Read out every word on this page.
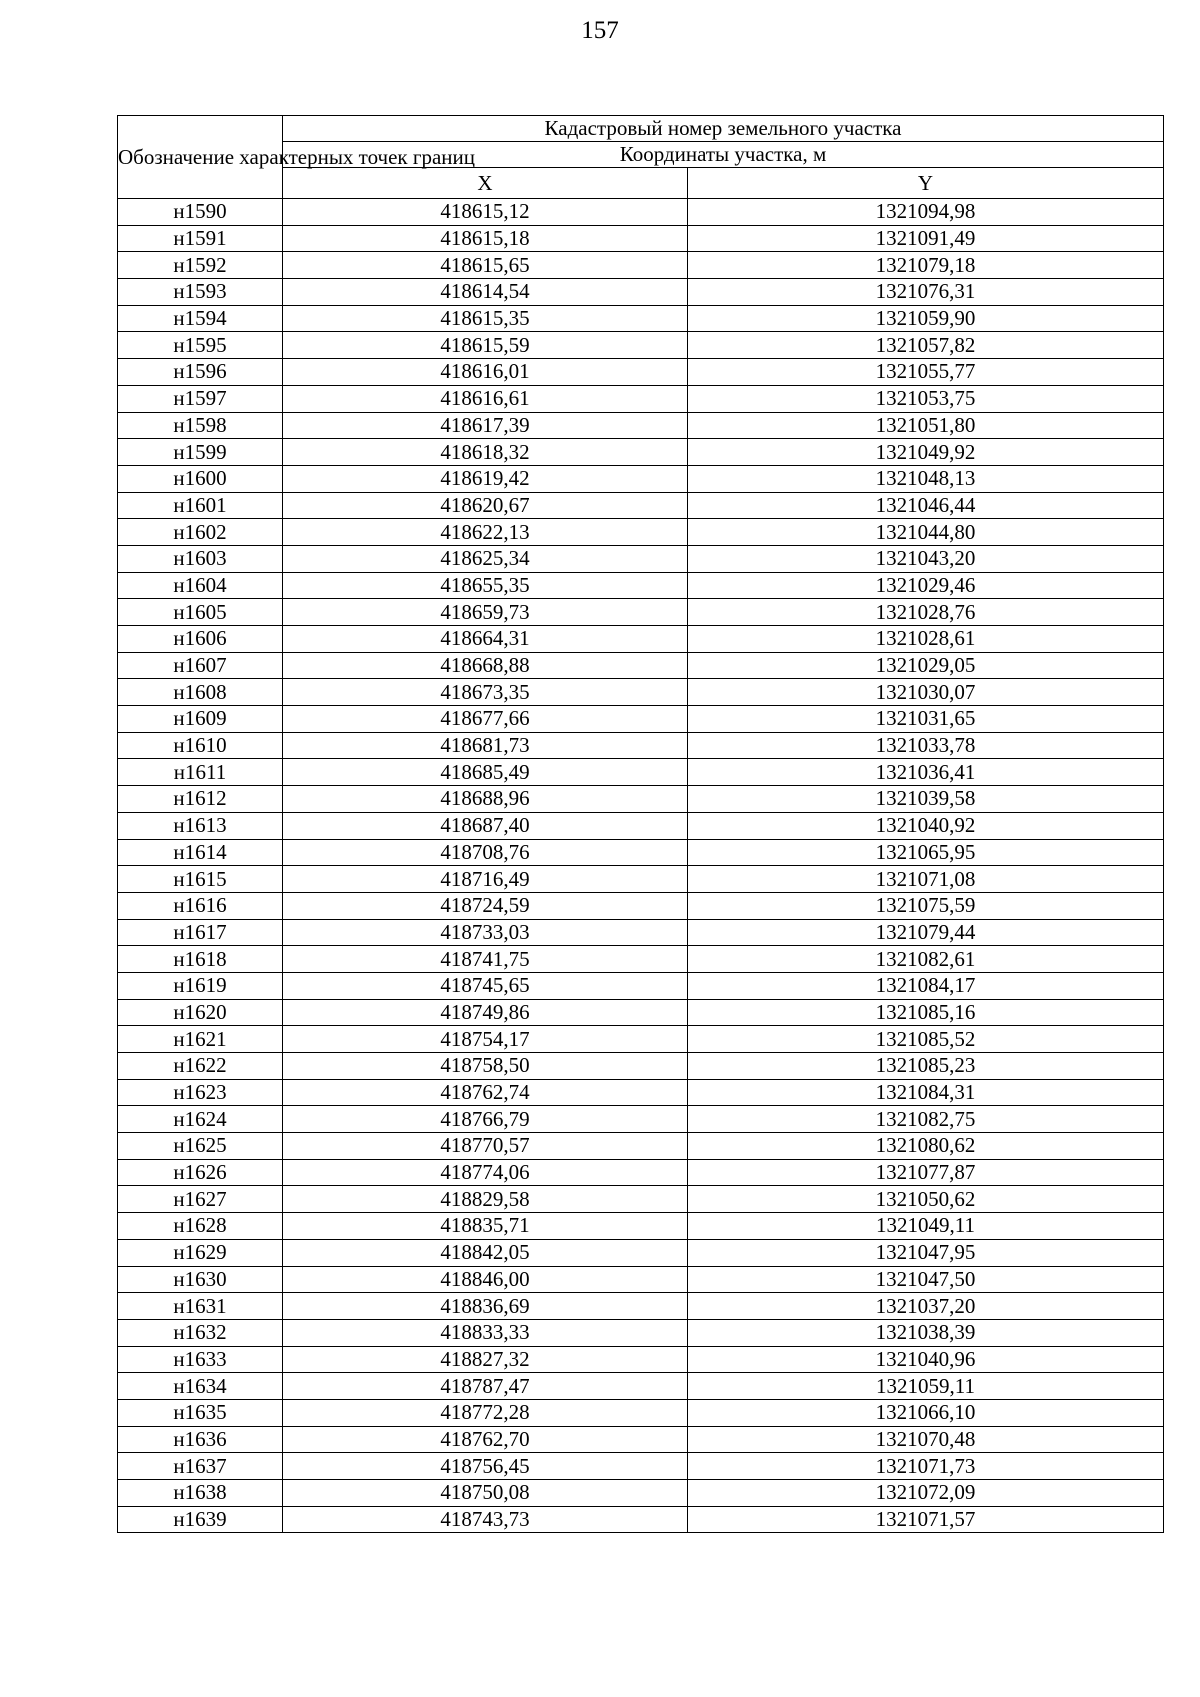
157
Обозначение характерных точек границ	Кадастровый номер земельного участка	
	Координаты участка, м	
	X	Y
н1590	418615,12	1321094,98
н1591	418615,18	1321091,49
н1592	418615,65	1321079,18
н1593	418614,54	1321076,31
н1594	418615,35	1321059,90
н1595	418615,59	1321057,82
н1596	418616,01	1321055,77
н1597	418616,61	1321053,75
н1598	418617,39	1321051,80
н1599	418618,32	1321049,92
н1600	418619,42	1321048,13
н1601	418620,67	1321046,44
н1602	418622,13	1321044,80
н1603	418625,34	1321043,20
н1604	418655,35	1321029,46
н1605	418659,73	1321028,76
н1606	418664,31	1321028,61
н1607	418668,88	1321029,05
н1608	418673,35	1321030,07
н1609	418677,66	1321031,65
н1610	418681,73	1321033,78
н1611	418685,49	1321036,41
н1612	418688,96	1321039,58
н1613	418687,40	1321040,92
н1614	418708,76	1321065,95
н1615	418716,49	1321071,08
н1616	418724,59	1321075,59
н1617	418733,03	1321079,44
н1618	418741,75	1321082,61
н1619	418745,65	1321084,17
н1620	418749,86	1321085,16
н1621	418754,17	1321085,52
н1622	418758,50	1321085,23
н1623	418762,74	1321084,31
н1624	418766,79	1321082,75
н1625	418770,57	1321080,62
н1626	418774,06	1321077,87
н1627	418829,58	1321050,62
н1628	418835,71	1321049,11
н1629	418842,05	1321047,95
н1630	418846,00	1321047,50
н1631	418836,69	1321037,20
н1632	418833,33	1321038,39
н1633	418827,32	1321040,96
н1634	418787,47	1321059,11
н1635	418772,28	1321066,10
н1636	418762,70	1321070,48
н1637	418756,45	1321071,73
н1638	418750,08	1321072,09
н1639	418743,73	1321071,57
